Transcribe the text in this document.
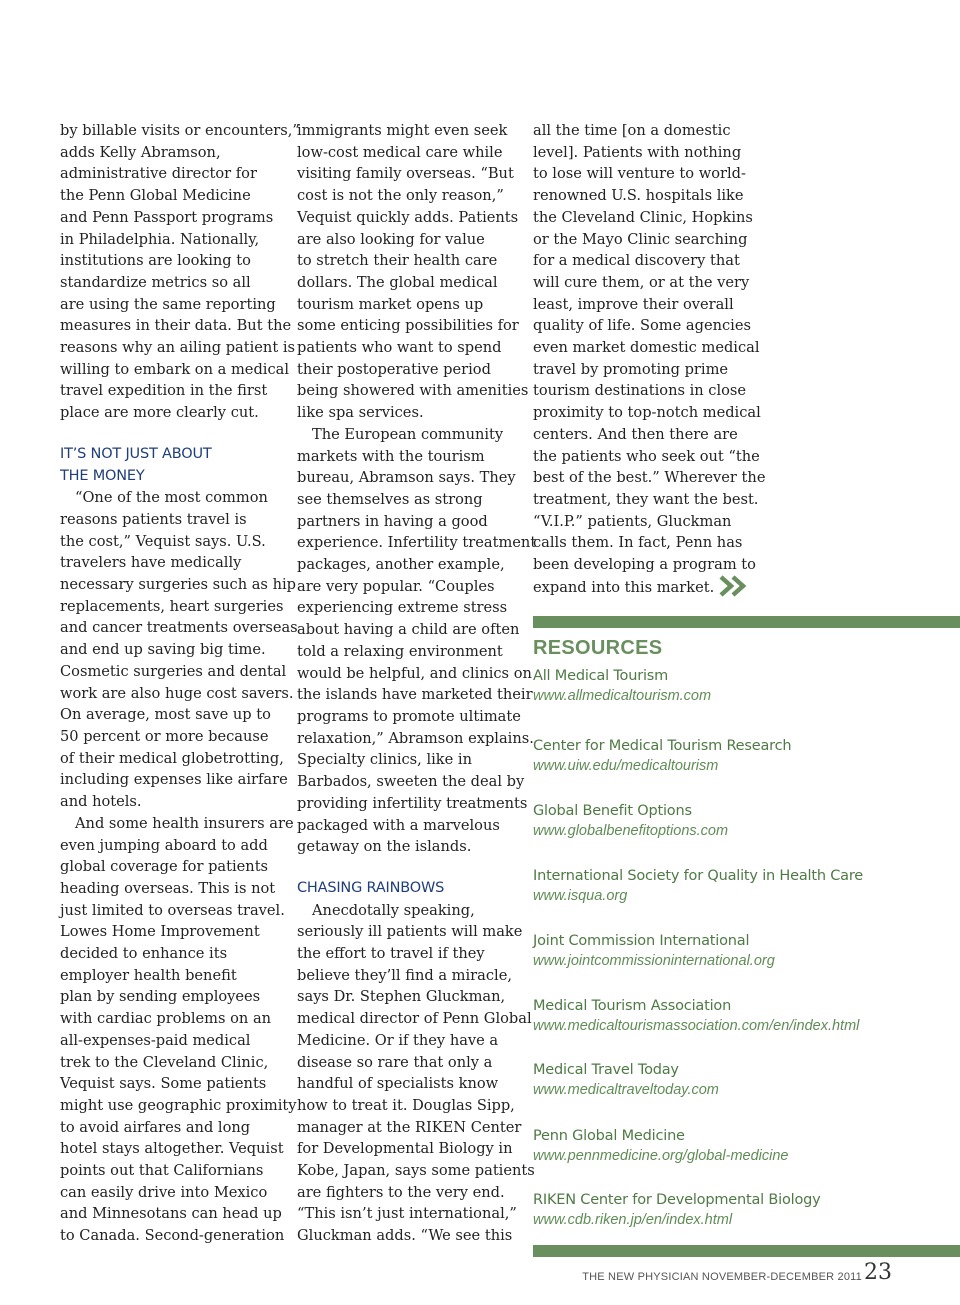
by billable visits or encounters,”
adds Kelly Abramson,
administrative director for
the Penn Global Medicine
and Penn Passport programs
in Philadelphia. Nationally,
institutions are looking to
standardize metrics so all
are using the same reporting
measures in their data. But the
reasons why an ailing patient is
willing to embark on a medical
travel expedition in the first
place are more clearly cut.
IT’S NOT JUST ABOUT
THE MONEY
“One of the most common
reasons patients travel is
the cost,” Vequist says. U.S.
travelers have medically
necessary surgeries such as hip
replacements, heart surgeries
and cancer treatments overseas
and end up saving big time.
Cosmetic surgeries and dental
work are also huge cost savers.
On average, most save up to
50 percent or more because
of their medical globetrotting,
including expenses like airfare
and hotels.
And some health insurers are
even jumping aboard to add
global coverage for patients
heading overseas. This is not
just limited to overseas travel.
Lowes Home Improvement
decided to enhance its
employer health benefit
plan by sending employees
with cardiac problems on an
all-expenses-paid medical
trek to the Cleveland Clinic,
Vequist says. Some patients
might use geographic proximity
to avoid airfares and long
hotel stays altogether. Vequist
points out that Californians
can easily drive into Mexico
and Minnesotans can head up
to Canada. Second-generation
immigrants might even seek
low-cost medical care while
visiting family overseas. “But
cost is not the only reason,”
Vequist quickly adds. Patients
are also looking for value
to stretch their health care
dollars. The global medical
tourism market opens up
some enticing possibilities for
patients who want to spend
their postoperative period
being showered with amenities
like spa services.
The European community
markets with the tourism
bureau, Abramson says. They
see themselves as strong
partners in having a good
experience. Infertility treatment
packages, another example,
are very popular. “Couples
experiencing extreme stress
about having a child are often
told a relaxing environment
would be helpful, and clinics on
the islands have marketed their
programs to promote ultimate
relaxation,” Abramson explains.
Specialty clinics, like in
Barbados, sweeten the deal by
providing infertility treatments
packaged with a marvelous
getaway on the islands.
CHASING RAINBOWS
Anecdotally speaking,
seriously ill patients will make
the effort to travel if they
believe they’ll find a miracle,
says Dr. Stephen Gluckman,
medical director of Penn Global
Medicine. Or if they have a
disease so rare that only a
handful of specialists know
how to treat it. Douglas Sipp,
manager at the RIKEN Center
for Developmental Biology in
Kobe, Japan, says some patients
are fighters to the very end.
“This isn’t just international,”
Gluckman adds. “We see this
all the time [on a domestic
level]. Patients with nothing
to lose will venture to world-
renowned U.S. hospitals like
the Cleveland Clinic, Hopkins
or the Mayo Clinic searching
for a medical discovery that
will cure them, or at the very
least, improve their overall
quality of life. Some agencies
even market domestic medical
travel by promoting prime
tourism destinations in close
proximity to top-notch medical
centers. And then there are
the patients who seek out “the
best of the best.” Wherever the
treatment, they want the best.
“V.I.P.” patients, Gluckman
calls them. In fact, Penn has
been developing a program to
expand into this market.
RESOURCES
All Medical Tourism
www.allmedicaltourism.com
Center for Medical Tourism Research
www.uiw.edu/medicaltourism
Global Benefit Options
www.globalbenefitoptions.com
International Society for Quality in Health Care
www.isqua.org
Joint Commission International
www.jointcommissioninternational.org
Medical Tourism Association
www.medicaltourismassociation.com/en/index.html
Medical Travel Today
www.medicaltraveltoday.com
Penn Global Medicine
www.pennmedicine.org/global-medicine
RIKEN Center for Developmental Biology
www.cdb.riken.jp/en/index.html
THE NEW PHYSICIAN NOVEMBER-DECEMBER 2011 23
